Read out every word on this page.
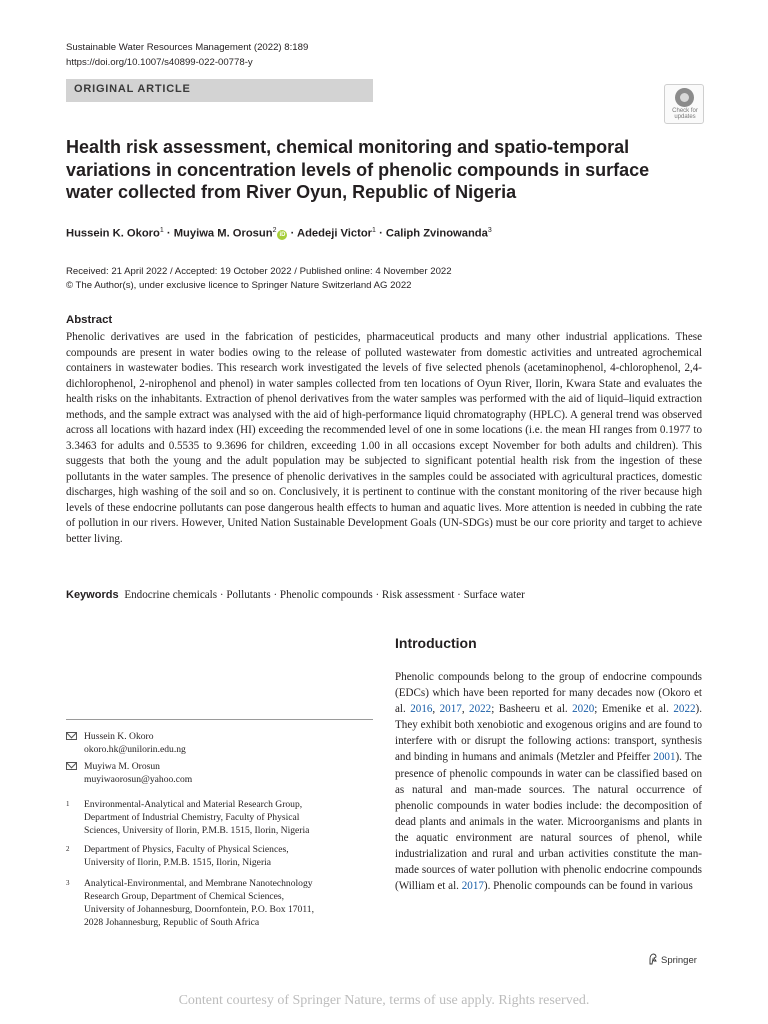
Sustainable Water Resources Management (2022) 8:189
https://doi.org/10.1007/s40899-022-00778-y
ORIGINAL ARTICLE
Check for
updates
Health risk assessment, chemical monitoring and spatio-temporal variations in concentration levels of phenolic compounds in surface water collected from River Oyun, Republic of Nigeria
Hussein K. Okoro$^1$ · Muyiwa M. Orosun$^2$iD · Adedeji Victor$^1$ · Caliph Zvinowanda$^3$
Received: 21 April 2022 / Accepted: 19 October 2022 / Published online: 4 November 2022
© The Author(s), under exclusive licence to Springer Nature Switzerland AG 2022
Abstract
Phenolic derivatives are used in the fabrication of pesticides, pharmaceutical products and many other industrial applications. These compounds are present in water bodies owing to the release of polluted wastewater from domestic activities and untreated agrochemical containers in wastewater bodies. This research work investigated the levels of five selected phenols (acetaminophenol, 4-chlorophenol, 2,4-dichlorophenol, 2-nirophenol and phenol) in water samples collected from ten locations of Oyun River, Ilorin, Kwara State and evaluates the health risks on the inhabitants. Extraction of phenol derivatives from the water samples was performed with the aid of liquid–liquid extraction methods, and the sample extract was analysed with the aid of high-performance liquid chromatography (HPLC). A general trend was observed across all locations with hazard index (HI) exceeding the recommended level of one in some locations (i.e. the mean HI ranges from 0.1977 to 3.3463 for adults and 0.5535 to 9.3696 for children, exceeding 1.00 in all occasions except November for both adults and children). This suggests that both the young and the adult population may be subjected to significant potential health risk from the ingestion of these pollutants in the water samples. The presence of phenolic derivatives in the samples could be associated with agricultural practices, domestic discharges, high washing of the soil and so on. Conclusively, it is pertinent to continue with the constant monitoring of the river because high levels of these endocrine pollutants can pose dangerous health effects to human and aquatic lives. More attention is needed in cubbing the rate of pollution in our rivers. However, United Nation Sustainable Development Goals (UN-SDGs) must be our core priority and target to achieve better living.
Keywords Endocrine chemicals · Pollutants · Phenolic compounds · Risk assessment · Surface water
Introduction
Phenolic compounds belong to the group of endocrine compounds (EDCs) which have been reported for many decades now (Okoro et al. 2016, 2017, 2022; Basheeru et al. 2020; Emenike et al. 2022). They exhibit both xenobiotic and exogenous origins and are found to interfere with or disrupt the following actions: transport, synthesis and binding in humans and animals (Metzler and Pfeiffer 2001). The presence of phenolic compounds in water can be classified based on as natural and man-made sources. The natural occurrence of phenolic compounds in water bodies include: the decomposition of dead plants and animals in the water. Microorganisms and plants in the aquatic environment are natural sources of phenol, while industrialization and rural and urban activities constitute the man-made sources of water pollution with phenolic endocrine compounds (William et al. 2017). Phenolic compounds can be found in various
Hussein K. Okoro
okoro.hk@unilorin.edu.ng
Muyiwa M. Orosun
muyiwaorosun@yahoo.com
1 Environmental-Analytical and Material Research Group,
Department of Industrial Chemistry, Faculty of Physical
Sciences, University of Ilorin, P.M.B. 1515, Ilorin, Nigeria
2 Department of Physics, Faculty of Physical Sciences,
University of Ilorin, P.M.B. 1515, Ilorin, Nigeria
3 Analytical-Environmental, and Membrane Nanotechnology
Research Group, Department of Chemical Sciences,
University of Johannesburg, Doornfontein, P.O. Box 17011,
2028 Johannesburg, Republic of South Africa
Springer
Content courtesy of Springer Nature, terms of use apply. Rights reserved.
